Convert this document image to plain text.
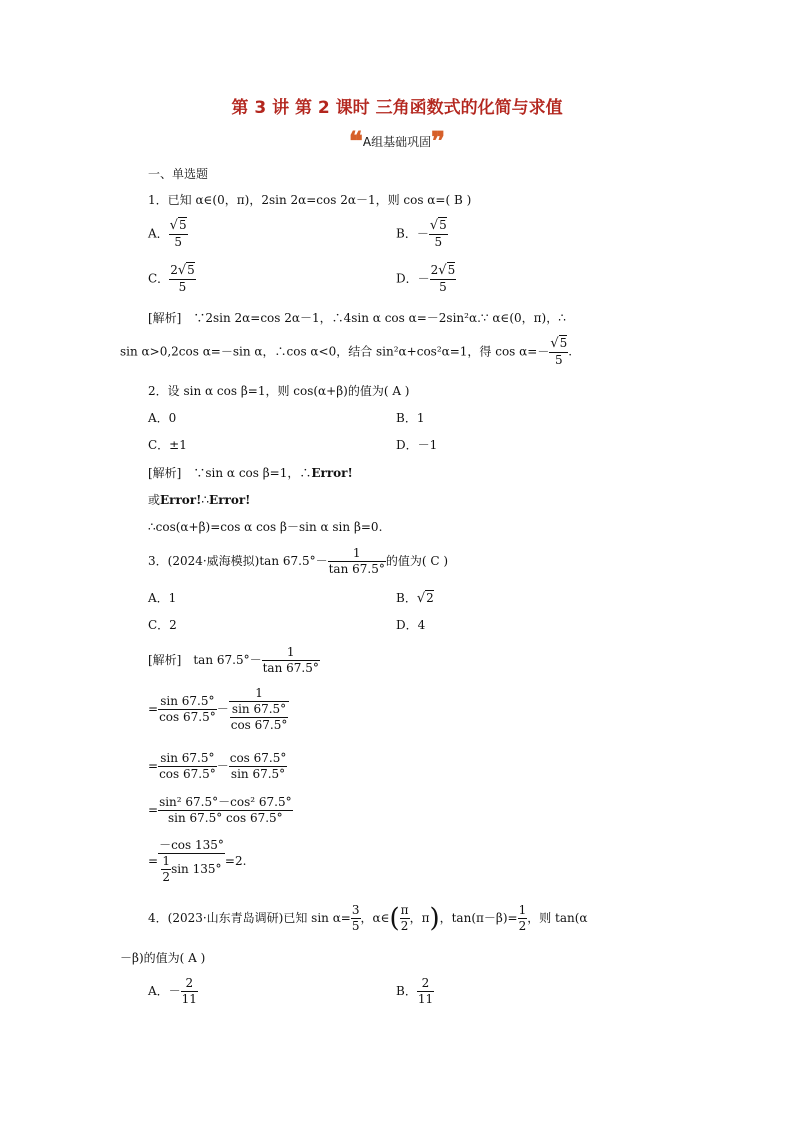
第 3 讲 第 2 课时 三角函数式的化简与求值
❝A组基础巩固❞
一、单选题
1．已知 α∈(0，π)，2sin 2α=cos 2α－1，则 cos α=( B )
A． $\frac{√5}{5}$	B．－ $\frac{√5}{5}$
C． $\frac{2√5}{5}$	D．－ $\frac{2√5}{5}$
[解析]　∵2sin 2α=cos 2α－1，∴4sin α cos α=－2sin²α.∵ α∈(0，π)，∴
sin α>0,2cos α=－sin α，∴cos α<0，结合 sin²α+cos²α=1，得 $\cos \alpha=- \frac{√5}{5}$ .
2．设 sin α cos β=1，则 cos(α+β)的值为( A )
A．0	B．1
C．±1	D．－1
[解析]　∵sin α cos β=1，∴Error!
或Error!∴Error!
∴cos(α+β)=cos α cos β－sin α sin β=0.
3．(2024·威海模拟)tan $67.5^\circ- \frac{1}{\tan 67.5^\circ}$ 的值为( C )
A．1	B．√2
C．2	D．4
[解析]　$\tan 67.5^\circ- \frac{1}{\tan 67.5^\circ}$
= $\frac{\sin 67.5^\circ}{\cos 67.5^\circ} - \frac{1}{\frac{\sin 67.5^\circ}{\cos 67.5^\circ}}$
= $\frac{\sin 67.5^\circ}{\cos 67.5^\circ} - \frac{\cos 67.5^\circ}{\sin 67.5^\circ}$
= $\frac{\text{sin² 67.5°－cos² 67.5°}}{\sin 67.5^\circ \cos 67.5^\circ}$
= $\frac{-\cos 135^\circ}{\frac{1}{2} \sin 135^\circ} =2$.
4．(2023·山东青岛调研)已知 $\sin \alpha= \frac{3}{5}$ ，α∈( $\frac{\pi}{2}$ ，π)，$\tan(\pi-\beta)= \frac{1}{2}$ ，则 tan(α
－β)的值为( A )
A．－ $\frac{2}{11}$	B． $\frac{2}{11}$
